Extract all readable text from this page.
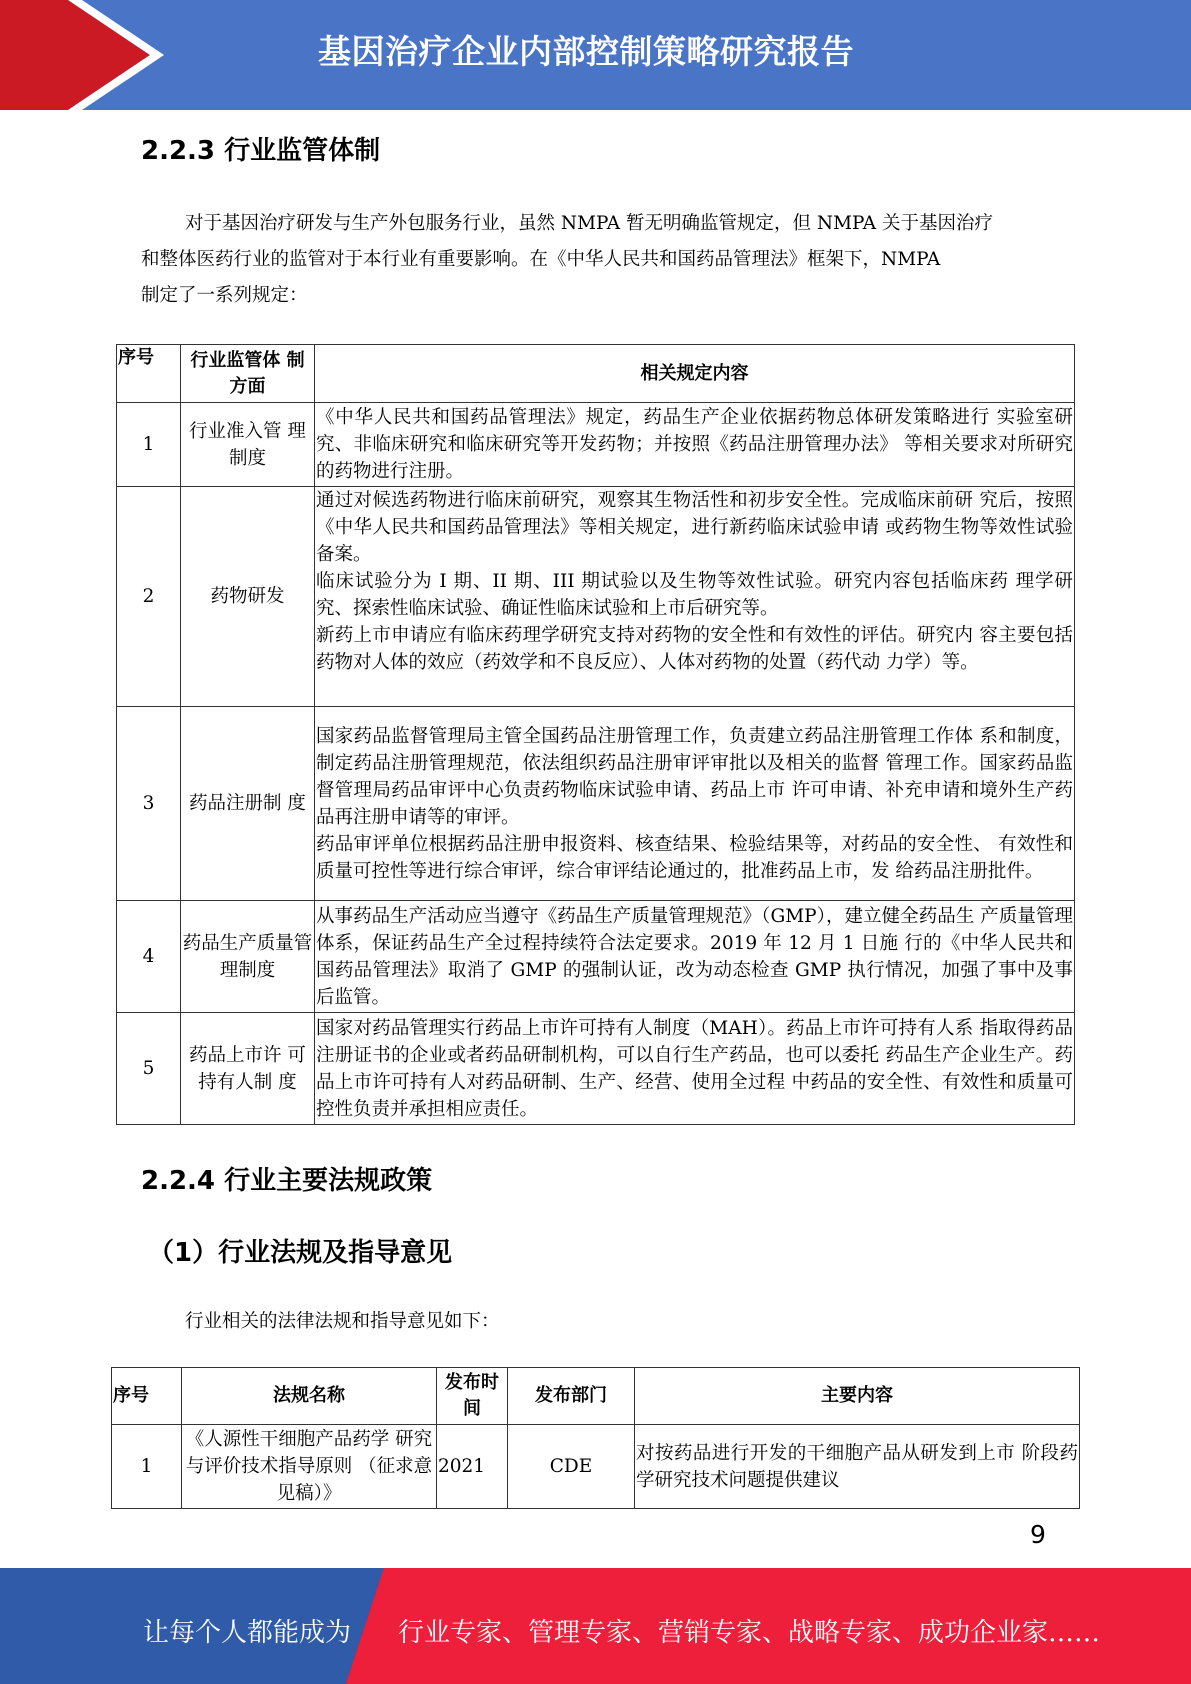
基因治疗企业内部控制策略研究报告
2.2.3 行业监管体制
对于基因治疗研发与生产外包服务行业，虽然 NMPA 暂无明确监管规定，但 NMPA 关于基因治疗
和整体医药行业的监管对于本行业有重要影响。在《中华人民共和国药品管理法》框架下，NMPA
制定了一系列规定：
序号	行业监管体 制方面	相关规定内容
1	行业准入管 理制度	《中华人民共和国药品管理法》规定，药品生产企业依据药物总体研发策略进行 实验室研究、非临床研究和临床研究等开发药物；并按照《药品注册管理办法》 等相关要求对所研究的药物进行注册。

2	药物研发	通过对候选药物进行临床前研究，观察其生物活性和初步安全性。完成临床前研 究后，按照《中华人民共和国药品管理法》等相关规定，进行新药临床试验申请 或药物生物等效性试验备案。
临床试验分为 I 期、II 期、III 期试验以及生物等效性试验。研究内容包括临床药 理学研究、探索性临床试验、确证性临床试验和上市后研究等。
新药上市申请应有临床药理学研究支持对药物的安全性和有效性的评估。研究内 容主要包括药物对人体的效应（药效学和不良反应）、人体对药物的处置（药代动 力学）等。

3	药品注册制 度	国家药品监督管理局主管全国药品注册管理工作，负责建立药品注册管理工作体 系和制度，制定药品注册管理规范，依法组织药品注册审评审批以及相关的监督 管理工作。国家药品监督管理局药品审评中心负责药物临床试验申请、药品上市 许可申请、补充申请和境外生产药品再注册申请等的审评。
药品审评单位根据药品注册申报资料、核查结果、检验结果等，对药品的安全性、 有效性和质量可控性等进行综合审评，综合审评结论通过的，批准药品上市，发 给药品注册批件。

4	药品生产质量管理制度	从事药品生产活动应当遵守《药品生产质量管理规范》（GMP），建立健全药品生 产质量管理体系，保证药品生产全过程持续符合法定要求。2019 年 12 月 1 日施 行的《中华人民共和国药品管理法》取消了 GMP 的强制认证，改为动态检查 GMP 执行情况，加强了事中及事后监管。

5	药品上市许 可持有人制 度	国家对药品管理实行药品上市许可持有人制度（MAH）。药品上市许可持有人系 指取得药品注册证书的企业或者药品研制机构，可以自行生产药品，也可以委托 药品生产企业生产。药品上市许可持有人对药品研制、生产、经营、使用全过程 中药品的安全性、有效性和质量可控性负责并承担相应责任。
2.2.4 行业主要法规政策
（1）行业法规及指导意见
行业相关的法律法规和指导意见如下：
序号	法规名称	发布时间	发布部门	主要内容
1	《人源性干细胞产品药学 研究与评价技术指导原则 （征求意见稿）》	2021	CDE	对按药品进行开发的干细胞产品从研发到上市 阶段药学研究技术问题提供建议
9
让每个人都能成为 行业专家、管理专家、营销专家、战略专家、成功企业家……
